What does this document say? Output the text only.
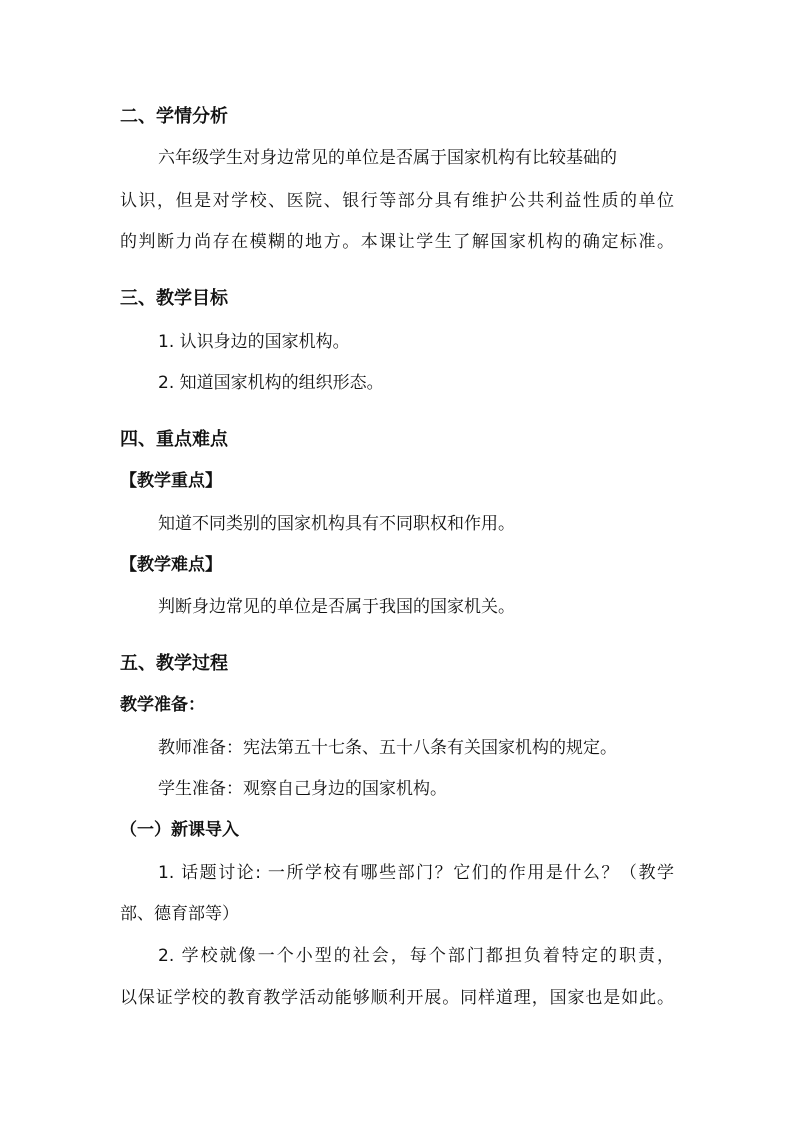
二、学情分析

六年级学生对身边常见的单位是否属于国家机构有比较基础的

认识，但是对学校、医院、银行等部分具有维护公共利益性质的单位

的判断力尚存在模糊的地方。本课让学生了解国家机构的确定标准。

三、教学目标

1. 认识身边的国家机构。

2. 知道国家机构的组织形态。

四、重点难点

【教学重点】

知道不同类别的国家机构具有不同职权和作用。

【教学难点】

判断身边常见的单位是否属于我国的国家机关。

五、教学过程

教学准备：

教师准备：宪法第五十七条、五十八条有关国家机构的规定。

学生准备：观察自己身边的国家机构。

（一）新课导入

1. 话题讨论: 一所学校有哪些部门？它们的作用是什么？（教学

部、德育部等）

2. 学校就像一个小型的社会，每个部门都担负着特定的职责，

以保证学校的教育教学活动能够顺利开展。同样道理，国家也是如此。
